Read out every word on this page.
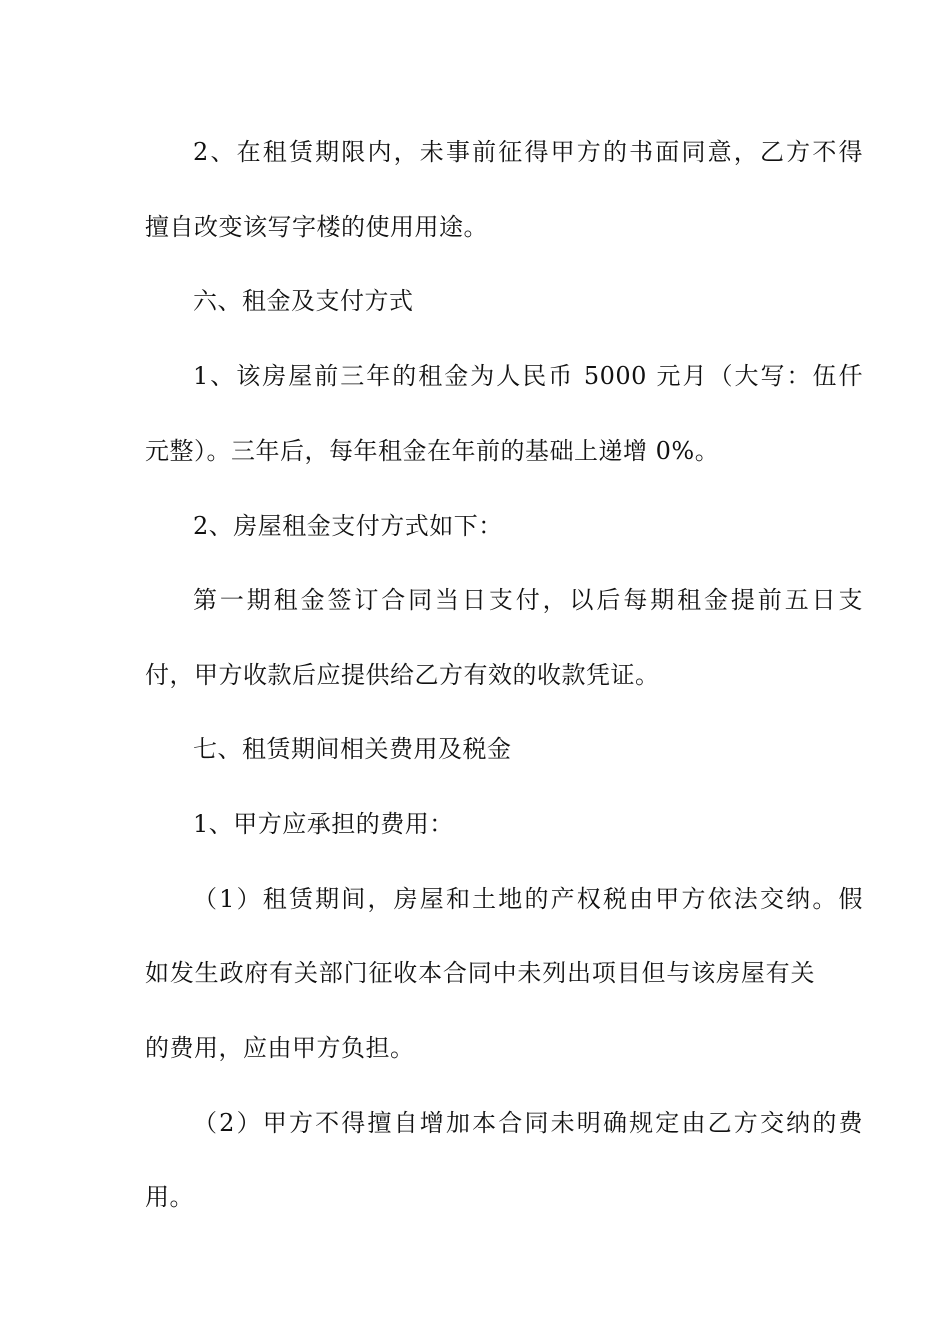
2、在租赁期限内，未事前征得甲方的书面同意，乙方不得
擅自改变该写字楼的使用用途。
六、租金及支付方式
1、该房屋前三年的租金为人民币 5000 元月（大写：伍仟
元整）。三年后，每年租金在年前的基础上递增 0%。
2、房屋租金支付方式如下：
第一期租金签订合同当日支付，以后每期租金提前五日支
付，甲方收款后应提供给乙方有效的收款凭证。
七、租赁期间相关费用及税金
1、甲方应承担的费用：
（1）租赁期间，房屋和土地的产权税由甲方依法交纳。假
如发生政府有关部门征收本合同中未列出项目但与该房屋有关
的费用，应由甲方负担。
（2）甲方不得擅自增加本合同未明确规定由乙方交纳的费
用。
